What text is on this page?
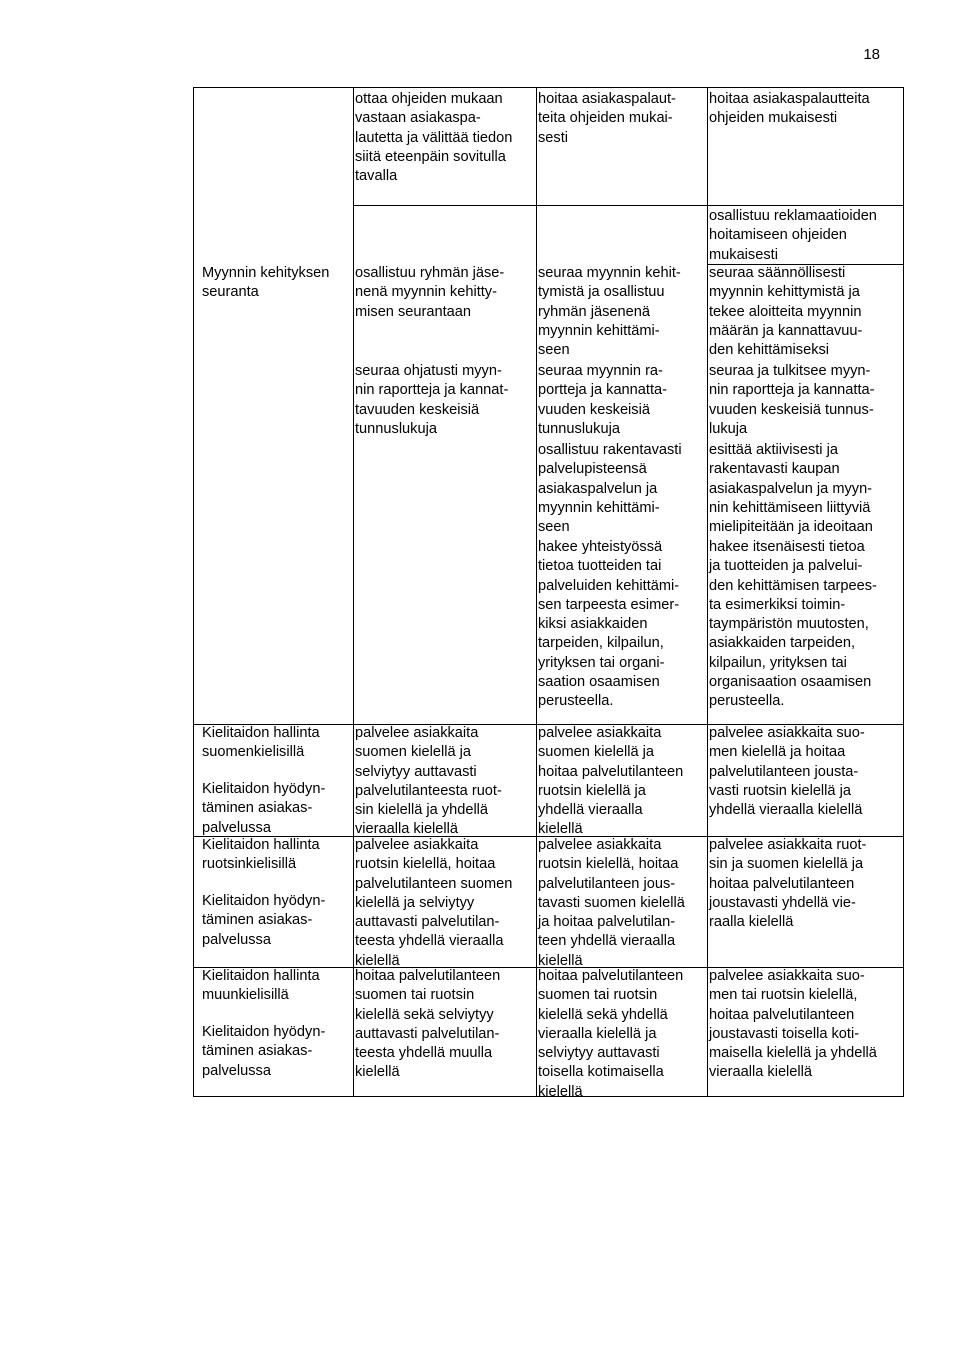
18
ottaa ohjeiden mukaan
vastaan asiakaspa-
lautetta ja välittää tiedon
siitä eteenpäin sovitulla
tavalla
hoitaa asiakaspalaut-
teita ohjeiden mukai-
sesti
hoitaa asiakaspalautteita
ohjeiden mukaisesti
osallistuu reklamaatioiden
hoitamiseen ohjeiden
mukaisesti
Myynnin kehityksen
seuranta
osallistuu ryhmän jäse-
nenä myynnin kehitty-
misen seurantaan
seuraa ohjatusti myyn-
nin raportteja ja kannat-
tavuuden keskeisiä
tunnuslukuja
seuraa myynnin kehit-
tymistä ja osallistuu
ryhmän jäsenenä
myynnin kehittämi-
seen
seuraa myynnin ra-
portteja ja kannatta-
vuuden keskeisiä
tunnuslukuja
osallistuu rakentavasti
palvelupisteensä
asiakaspalvelun ja
myynnin kehittämi-
seen
hakee yhteistyössä
tietoa tuotteiden tai
palveluiden kehittämi-
sen tarpeesta esimer-
kiksi asiakkaiden
tarpeiden, kilpailun,
yrityksen tai organi-
saation osaamisen
perusteella.
seuraa säännöllisesti
myynnin kehittymistä ja
tekee aloitteita myynnin
määrän ja kannattavuu-
den kehittämiseksi
seuraa ja tulkitsee myyn-
nin raportteja ja kannatta-
vuuden keskeisiä tunnus-
lukuja
esittää aktiivisesti ja
rakentavasti kaupan
asiakaspalvelun ja myyn-
nin kehittämiseen liittyviä
mielipiteitään ja ideoitaan
hakee itsenäisesti tietoa
ja tuotteiden ja palvelui-
den kehittämisen tarpees-
ta esimerkiksi toimin-
taympäristön muutosten,
asiakkaiden tarpeiden,
kilpailun, yrityksen tai
organisaation osaamisen
perusteella.
Kielitaidon hallinta
suomenkielisillä
Kielitaidon hyödyn-
täminen asiakas-
palvelussa
palvelee asiakkaita
suomen kielellä ja
selviytyy auttavasti
palvelutilanteesta ruot-
sin kielellä ja yhdellä
vieraalla kielellä
palvelee asiakkaita
suomen kielellä ja
hoitaa palvelutilanteen
ruotsin kielellä ja
yhdellä vieraalla
kielellä
palvelee asiakkaita suo-
men kielellä ja hoitaa
palvelutilanteen jousta-
vasti ruotsin kielellä ja
yhdellä vieraalla kielellä
Kielitaidon hallinta
ruotsinkielisillä
Kielitaidon hyödyn-
täminen asiakas-
palvelussa
palvelee asiakkaita
ruotsin kielellä, hoitaa
palvelutilanteen suomen
kielellä ja selviytyy
auttavasti palvelutilan-
teesta yhdellä vieraalla
kielellä
palvelee asiakkaita
ruotsin kielellä, hoitaa
palvelutilanteen jous-
tavasti suomen kielellä
ja hoitaa palvelutilan-
teen yhdellä vieraalla
kielellä
palvelee asiakkaita ruot-
sin ja suomen kielellä ja
hoitaa palvelutilanteen
joustavasti yhdellä vie-
raalla kielellä
Kielitaidon hallinta
muunkielisillä
Kielitaidon hyödyn-
täminen asiakas-
palvelussa
hoitaa palvelutilanteen
suomen tai ruotsin
kielellä sekä selviytyy
auttavasti palvelutilan-
teesta yhdellä muulla
kielellä
hoitaa palvelutilanteen
suomen tai ruotsin
kielellä sekä yhdellä
vieraalla kielellä ja
selviytyy auttavasti
toisella kotimaisella
kielellä
palvelee asiakkaita suo-
men tai ruotsin kielellä,
hoitaa palvelutilanteen
joustavasti toisella koti-
maisella kielellä ja yhdellä
vieraalla kielellä
